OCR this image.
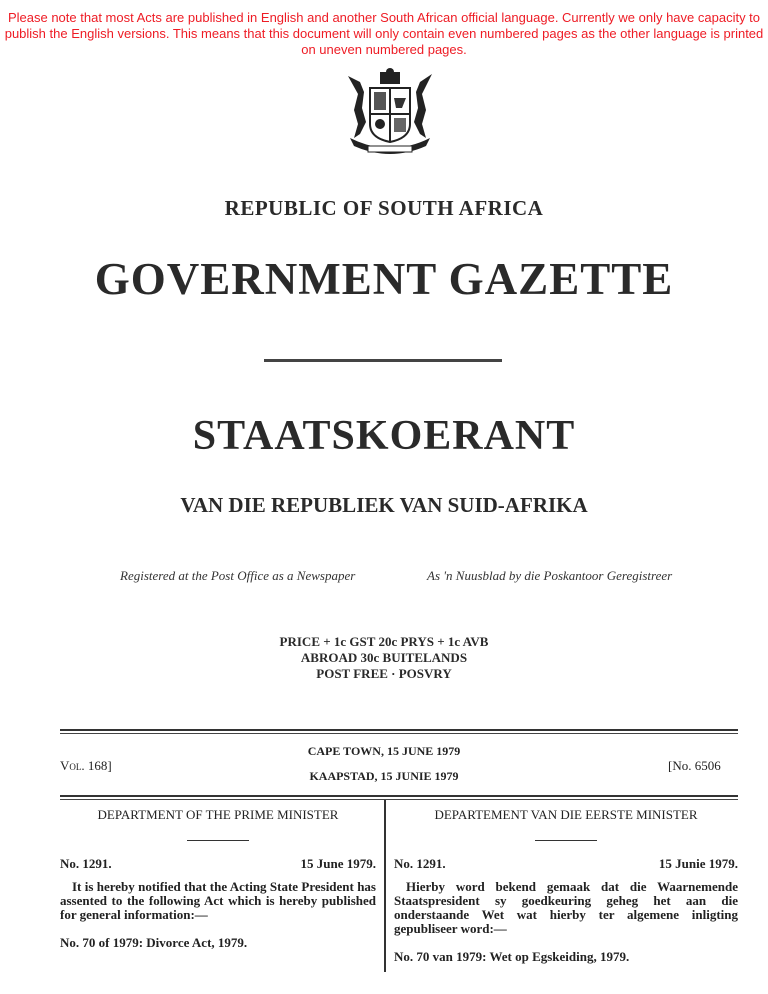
Please note that most Acts are published in English and another South African official language. Currently we only have capacity to publish the English versions. This means that this document will only contain even numbered pages as the other language is printed on uneven numbered pages.
REPUBLIC OF SOUTH AFRICA
GOVERNMENT GAZETTE
STAATSKOERANT
VAN DIE REPUBLIEK VAN SUID-AFRIKA
Registered at the Post Office as a Newspaper	As 'n Nuusblad by die Poskantoor Geregistreer
PRICE + 1c GST 20c PRYS + 1c AVB
ABROAD 30c BUITELANDS
POST FREE · POSVRY
Vol. 168]
CAPE TOWN, 15 JUNE 1979
KAAPSTAD, 15 JUNIE 1979
[No. 6506
DEPARTMENT OF THE PRIME MINISTER
No. 1291.	15 June 1979.
It is hereby notified that the Acting State President has assented to the following Act which is hereby published for general information:—
No. 70 of 1979: Divorce Act, 1979.
DEPARTEMENT VAN DIE EERSTE MINISTER
No. 1291.	15 Junie 1979.
Hierby word bekend gemaak dat die Waarnemende Staatspresident sy goedkeuring geheg het aan die onderstaande Wet wat hierby ter algemene inligting gepubliseer word:—
No. 70 van 1979: Wet op Egskeiding, 1979.
